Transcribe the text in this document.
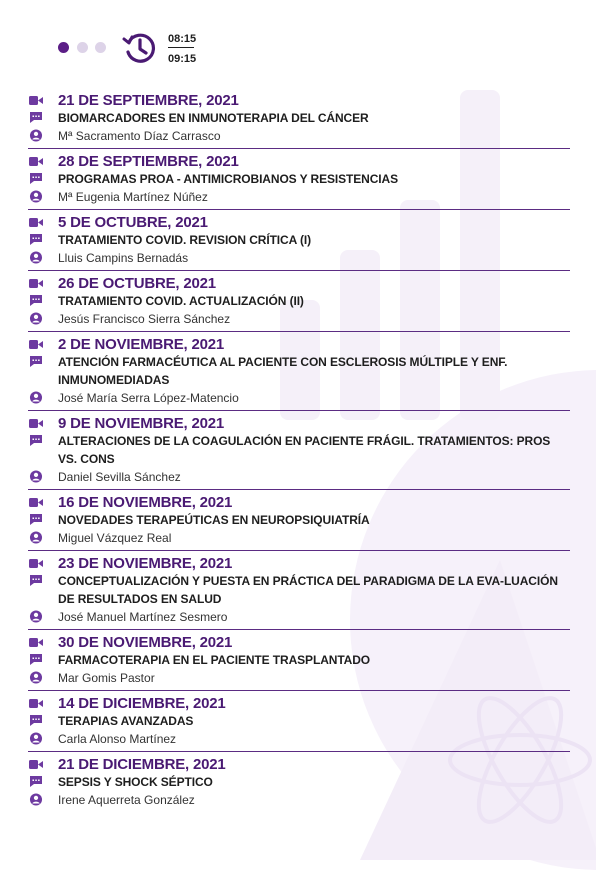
08:15
09:15
21 DE SEPTIEMBRE, 2021
BIOMARCADORES EN INMUNOTERAPIA DEL CÁNCER
Mª Sacramento Díaz Carrasco
28 DE SEPTIEMBRE, 2021
PROGRAMAS PROA - ANTIMICROBIANOS Y RESISTENCIAS
Mª Eugenia Martínez Núñez
5 DE OCTUBRE, 2021
TRATAMIENTO COVID. REVISION CRÍTICA (I)
Lluis Campins Bernadás
26 DE OCTUBRE, 2021
TRATAMIENTO COVID. ACTUALIZACIÓN (II)
Jesús Francisco Sierra Sánchez
2 DE NOVIEMBRE, 2021
ATENCIÓN FARMACÉUTICA AL PACIENTE CON ESCLEROSIS MÚLTIPLE Y ENF. INMUNOMEDIADAS
José María Serra López-Matencio
9 DE NOVIEMBRE, 2021
ALTERACIONES DE LA COAGULACIÓN EN PACIENTE FRÁGIL. TRATAMIENTOS: PROS VS. CONS
Daniel Sevilla Sánchez
16 DE NOVIEMBRE, 2021
NOVEDADES TERAPEÚTICAS EN NEUROPSIQUIATRÍA
Miguel Vázquez Real
23 DE NOVIEMBRE, 2021
CONCEPTUALIZACIÓN Y PUESTA EN PRÁCTICA DEL PARADIGMA DE LA EVA-LUACIÓN DE RESULTADOS EN SALUD
José Manuel Martínez Sesmero
30 DE NOVIEMBRE, 2021
FARMACOTERAPIA EN EL PACIENTE TRASPLANTADO
Mar Gomis Pastor
14 DE DICIEMBRE, 2021
TERAPIAS AVANZADAS
Carla Alonso Martínez
21 DE DICIEMBRE, 2021
SEPSIS Y SHOCK SÉPTICO
Irene Aquerreta González
